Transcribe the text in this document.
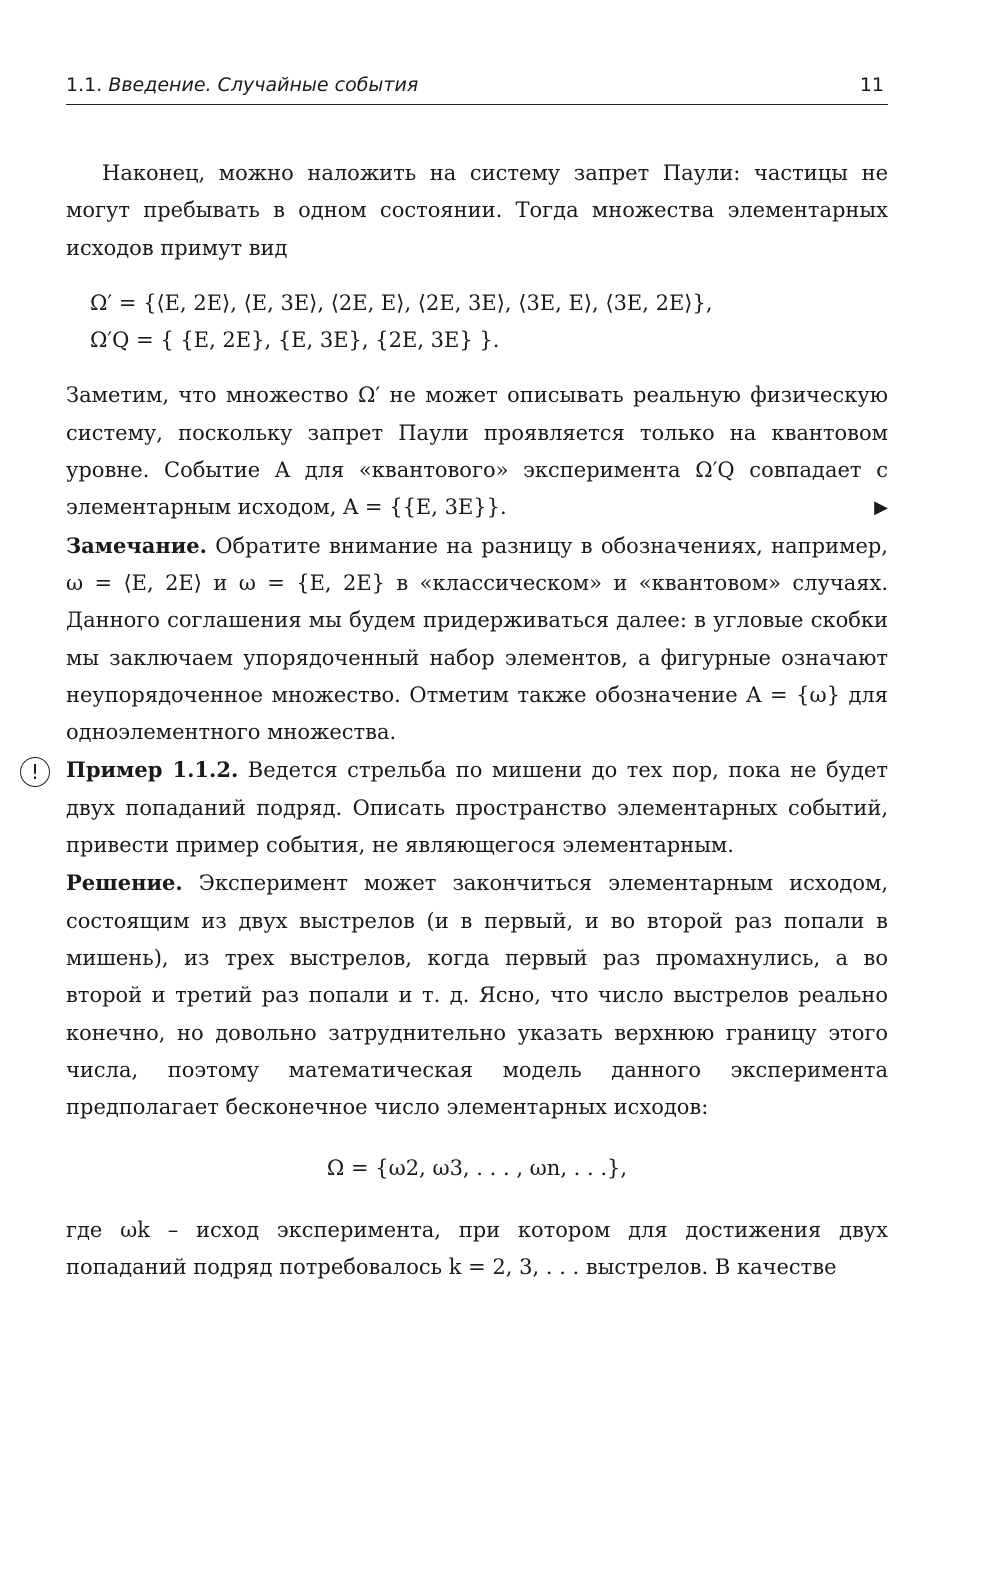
1.1. Введение. Случайные события	11

Наконец, можно наложить на систему запрет Паули: частицы не могут пребывать в одном состоянии. Тогда множества элементарных исходов примут вид

Ω′ = {⟨E, 2E⟩, ⟨E, 3E⟩, ⟨2E, E⟩, ⟨2E, 3E⟩, ⟨3E, E⟩, ⟨3E, 2E⟩},
Ω′Q = { {E, 2E}, {E, 3E}, {2E, 3E} }.

Заметим, что множество Ω′ не может описывать реальную физическую систему, поскольку запрет Паули проявляется только на квантовом уровне. Событие A для «квантового» эксперимента Ω′Q совпадает с элементарным исходом, A = {{E, 3E}}.	▶

Замечание. Обратите внимание на разницу в обозначениях, например, ω = ⟨E, 2E⟩ и ω = {E, 2E} в «классическом» и «квантовом» случаях. Данного соглашения мы будем придерживаться далее: в угловые скобки мы заключаем упорядоченный набор элементов, а фигурные означают неупорядоченное множество. Отметим также обозначение A = {ω} для одноэлементного множества.

!	Пример 1.1.2. Ведется стрельба по мишени до тех пор, пока не будет двух попаданий подряд. Описать пространство элементарных событий, привести пример события, не являющегося элементарным.

Решение. Эксперимент может закончиться элементарным исходом, состоящим из двух выстрелов (и в первый, и во второй раз попали в мишень), из трех выстрелов, когда первый раз промахнулись, а во второй и третий раз попали и т. д. Ясно, что число выстрелов реально конечно, но довольно затруднительно указать верхнюю границу этого числа, поэтому математическая модель данного эксперимента предполагает бесконечное число элементарных исходов:

Ω = {ω2, ω3, . . . , ωn, . . .},

где ωk – исход эксперимента, при котором для достижения двух попаданий подряд потребовалось k = 2, 3, . . . выстрелов. В качестве
